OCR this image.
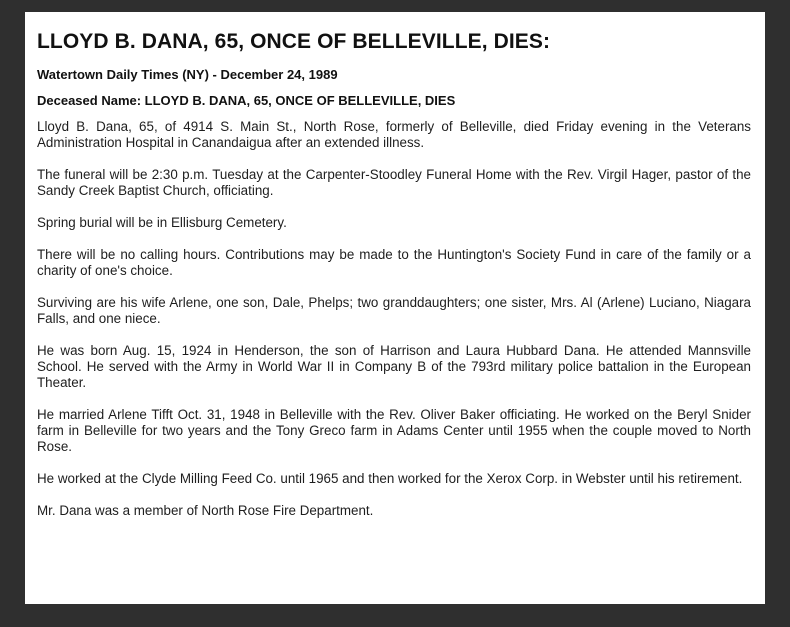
LLOYD B. DANA, 65, ONCE OF BELLEVILLE, DIES:
Watertown Daily Times (NY) - December 24, 1989
Deceased Name: LLOYD B. DANA, 65, ONCE OF BELLEVILLE, DIES

Lloyd B. Dana, 65, of 4914 S. Main St., North Rose, formerly of Belleville, died Friday evening in the Veterans Administration Hospital in Canandaigua after an extended illness.

The funeral will be 2:30 p.m. Tuesday at the Carpenter-Stoodley Funeral Home with the Rev. Virgil Hager, pastor of the Sandy Creek Baptist Church, officiating.

Spring burial will be in Ellisburg Cemetery.

There will be no calling hours. Contributions may be made to the Huntington's Society Fund in care of the family or a charity of one's choice.

Surviving are his wife Arlene, one son, Dale, Phelps; two granddaughters; one sister, Mrs. Al (Arlene) Luciano, Niagara Falls, and one niece.

He was born Aug. 15, 1924 in Henderson, the son of Harrison and Laura Hubbard Dana. He attended Mannsville School. He served with the Army in World War II in Company B of the 793rd military police battalion in the European Theater.

He married Arlene Tifft Oct. 31, 1948 in Belleville with the Rev. Oliver Baker officiating. He worked on the Beryl Snider farm in Belleville for two years and the Tony Greco farm in Adams Center until 1955 when the couple moved to North Rose.

He worked at the Clyde Milling Feed Co. until 1965 and then worked for the Xerox Corp. in Webster until his retirement.

Mr. Dana was a member of North Rose Fire Department.
